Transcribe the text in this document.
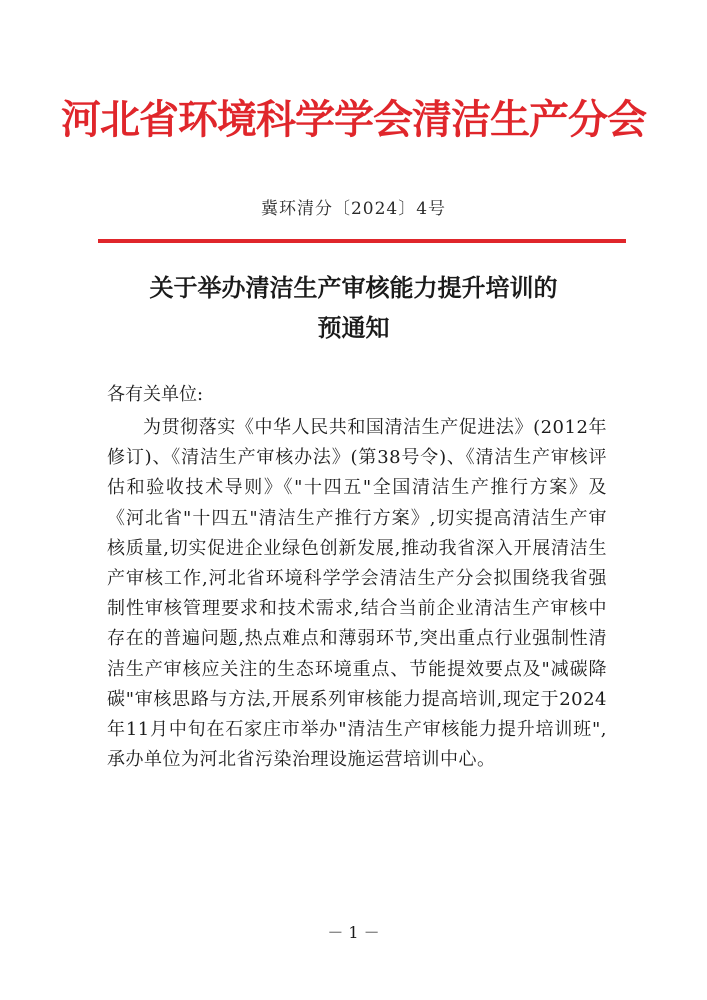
河北省环境科学学会清洁生产分会
冀环清分〔2024〕4号
关于举办清洁生产审核能力提升培训的
预通知
各有关单位:

为贯彻落实《中华人民共和国清洁生产促进法》(2012年修订)、《清洁生产审核办法》(第38号令)、《清洁生产审核评估和验收技术导则》《"十四五"全国清洁生产推行方案》及《河北省"十四五"清洁生产推行方案》,切实提高清洁生产审核质量,切实促进企业绿色创新发展,推动我省深入开展清洁生产审核工作,河北省环境科学学会清洁生产分会拟围绕我省强制性审核管理要求和技术需求,结合当前企业清洁生产审核中存在的普遍问题,热点难点和薄弱环节,突出重点行业强制性清洁生产审核应关注的生态环境重点、节能提效要点及"减碳降碳"审核思路与方法,开展系列审核能力提高培训,现定于2024年11月中旬在石家庄市举办"清洁生产审核能力提升培训班",承办单位为河北省污染治理设施运营培训中心。

－ 1 －
